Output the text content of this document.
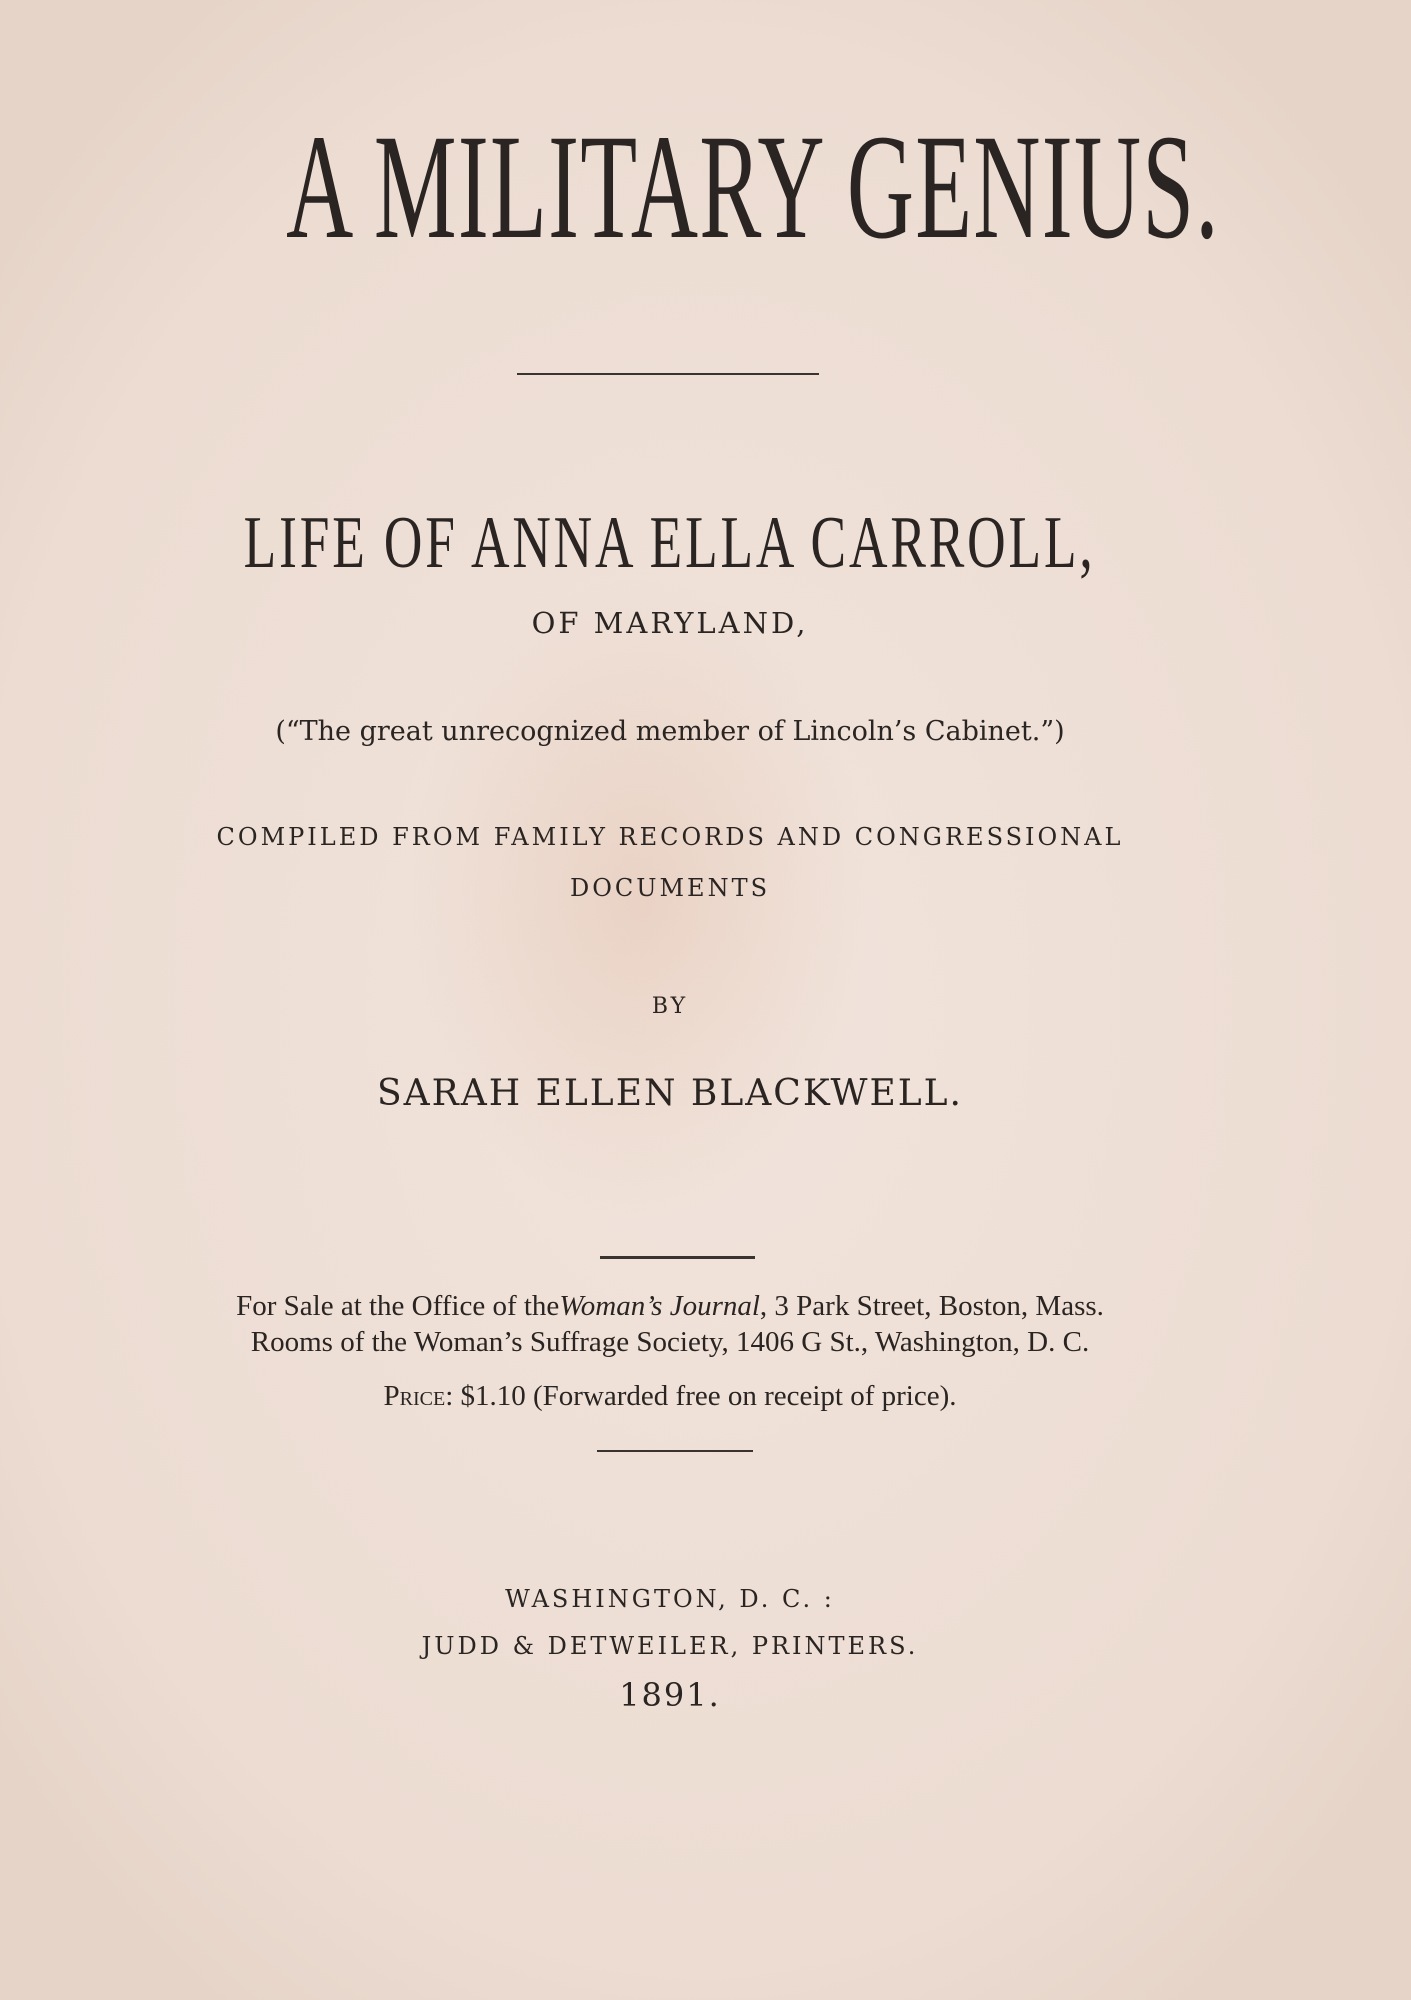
A MILITARY GENIUS.
LIFE OF ANNA ELLA CARROLL,
OF MARYLAND,
(“The great unrecognized member of Lincoln’s Cabinet.”)
COMPILED FROM FAMILY RECORDS AND CONGRESSIONAL
DOCUMENTS
BY
SARAH ELLEN BLACKWELL.
For Sale at the Office of theWoman’s Journal, 3 Park Street, Boston, Mass.
Rooms of the Woman’s Suffrage Society, 1406 G St., Washington, D. C.
Price: $1.10 (Forwarded free on receipt of price).
WASHINGTON, D. C. :
JUDD & DETWEILER, PRINTERS.
1891.
